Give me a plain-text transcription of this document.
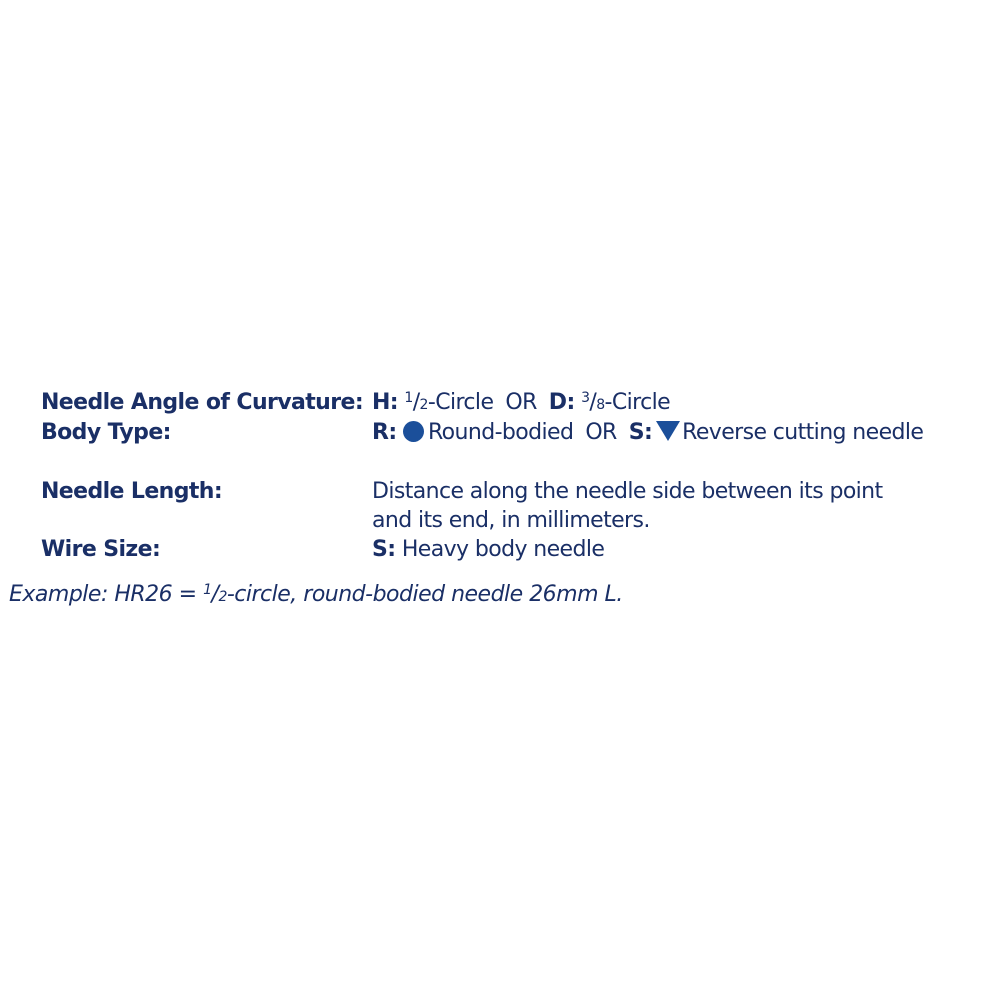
Needle Angle of Curvature: H: $^1$/2-Circle OR D: $^3$/8-Circle
Body Type:	R: Round-bodied OR S: Reverse cutting needle
Needle Length:	Distance along the needle side between its point
and its end, in millimeters.
Wire Size:	S: Heavy body needle
Example: HR26 = $^1$/2-circle, round-bodied needle 26mm L.
